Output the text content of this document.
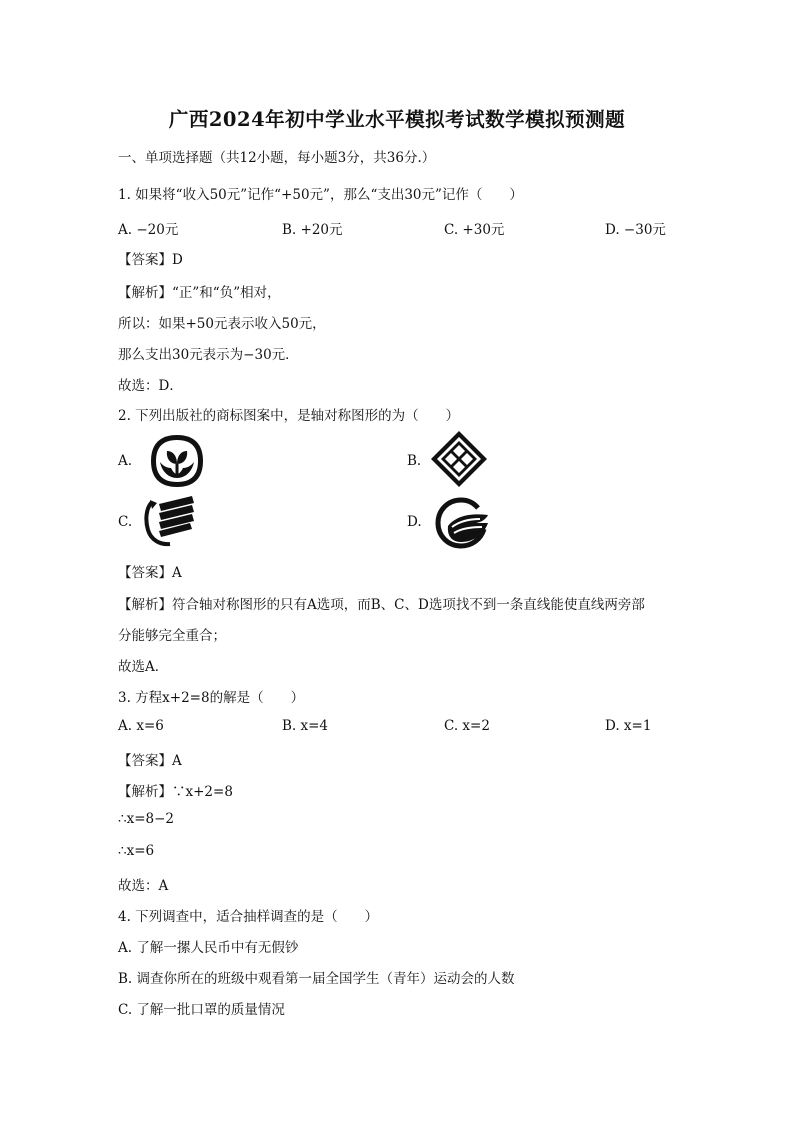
广西2024年初中学业水平模拟考试数学模拟预测题
一、单项选择题（共12小题，每小题3分，共36分.）
1. 如果将“收入50元”记作“+50元”，那么“支出30元”记作（　　）
A. −20元	B. +20元	C. +30元	D. −30元
【答案】D
【解析】“正”和“负”相对，
所以：如果+50元表示收入50元，
那么支出30元表示为−30元．
故选：D．
2. 下列出版社的商标图案中，是轴对称图形的为（　　）
A.	B.
C.	D.
【答案】A
【解析】符合轴对称图形的只有A选项，而B、C、D选项找不到一条直线能使直线两旁部
分能够完全重合；
故选A．
3. 方程x+2=8的解是（　　）
A. x=6	B. x=4	C. x=2	D. x=1
【答案】A
【解析】∵x+2=8
∴x=8−2
∴x=6
故选：A
4. 下列调查中，适合抽样调查的是（　　）
A. 了解一摞人民币中有无假钞
B. 调查你所在的班级中观看第一届全国学生（青年）运动会的人数
C. 了解一批口罩的质量情况
